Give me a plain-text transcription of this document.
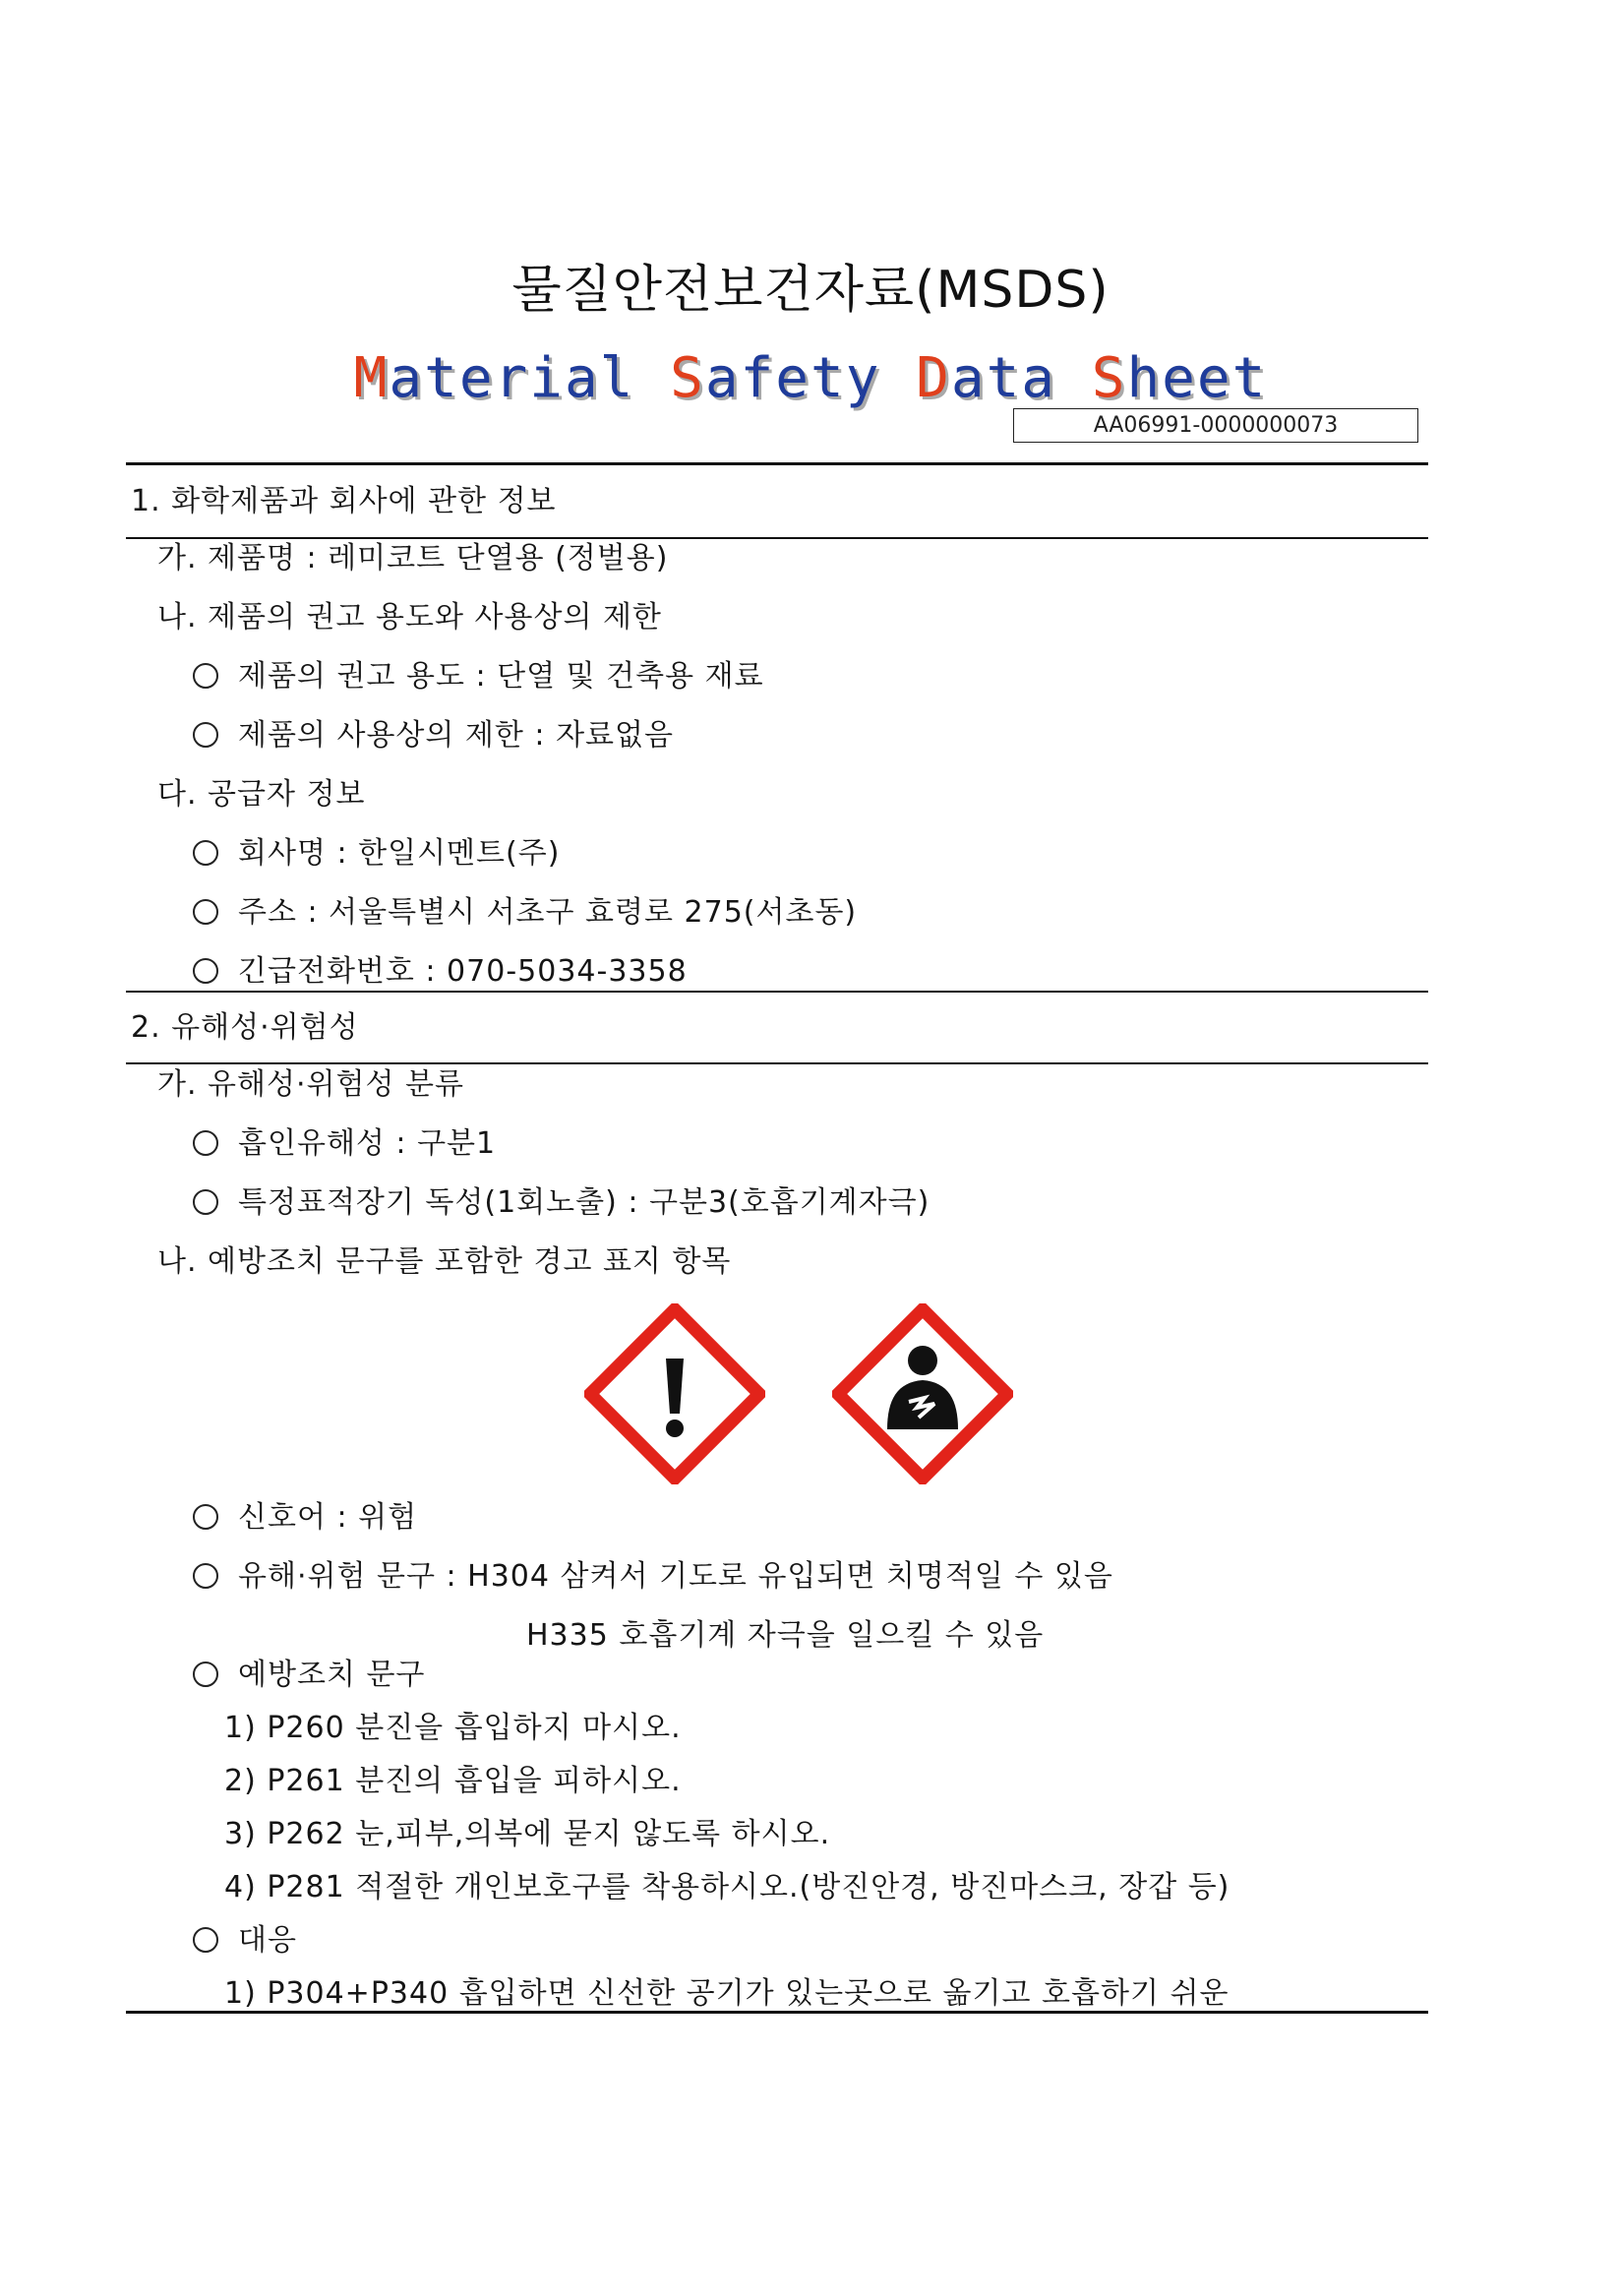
물질안전보건자료(MSDS)
Material Safety Data Sheet
AA06991-0000000073
1. 화학제품과 회사에 관한 정보
가. 제품명 : 레미코트 단열용 (정벌용)
나. 제품의 권고 용도와 사용상의 제한
제품의 권고 용도 : 단열 및 건축용 재료
제품의 사용상의 제한 : 자료없음
다. 공급자 정보
회사명 : 한일시멘트(주)
주소 : 서울특별시 서초구 효령로 275(서초동)
긴급전화번호 : 070-5034-3358
2. 유해성·위험성
가. 유해성·위험성 분류
흡인유해성 : 구분1
특정표적장기 독성(1회노출) : 구분3(호흡기계자극)
나. 예방조치 문구를 포함한 경고 표지 항목
신호어 : 위험
유해·위험 문구 : H304 삼켜서 기도로 유입되면 치명적일 수 있음
H335 호흡기계 자극을 일으킬 수 있음
예방조치 문구
1) P260 분진을 흡입하지 마시오.
2) P261 분진의 흡입을 피하시오.
3) P262 눈,피부,의복에 묻지 않도록 하시오.
4) P281 적절한 개인보호구를 착용하시오.(방진안경, 방진마스크, 장갑 등)
대응
1) P304+P340 흡입하면 신선한 공기가 있는곳으로 옮기고 호흡하기 쉬운
